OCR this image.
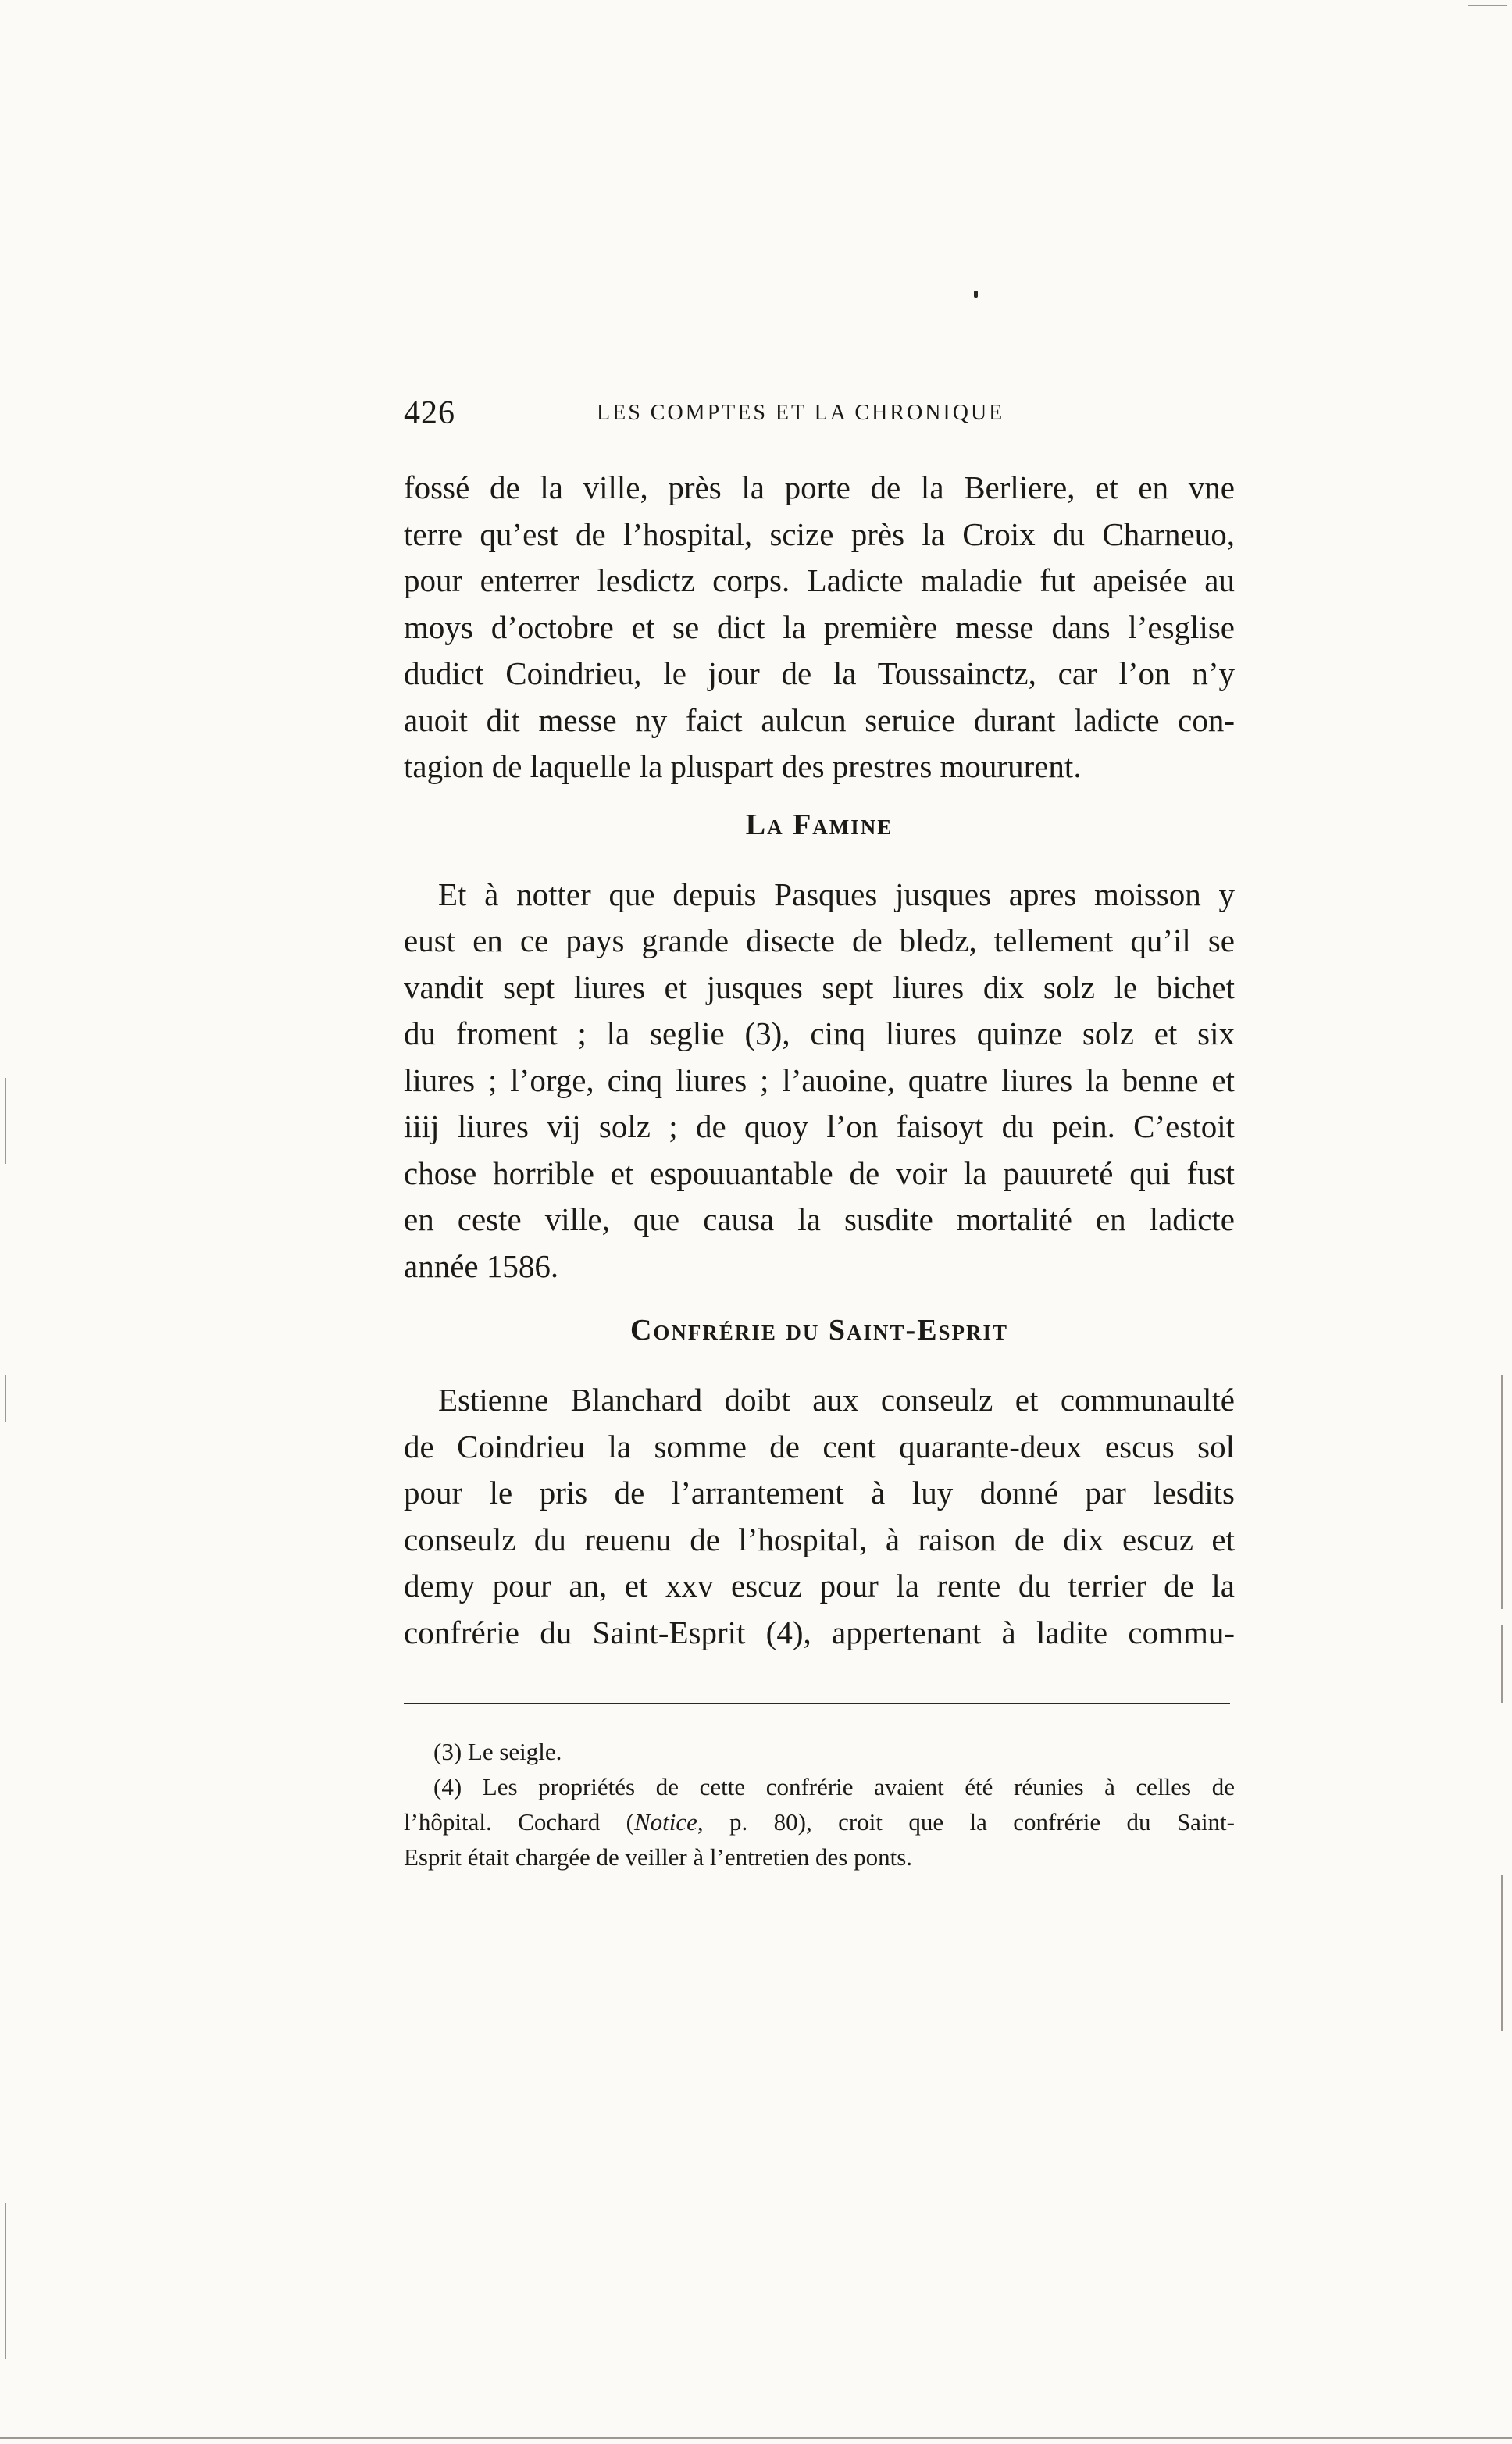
426	LES COMPTES ET LA CHRONIQUE

fossé de la ville, près la porte de la Berliere, et en vne
terre qu’est de l’hospital, scize près la Croix du Charneuo,
pour enterrer lesdictz corps. Ladicte maladie fut apeisée au
moys d’octobre et se dict la première messe dans l’esglise
dudict Coindrieu, le jour de la Toussainctz, car l’on n’y
auoit dit messe ny faict aulcun seruice durant ladicte con-
tagion de laquelle la pluspart des prestres moururent.

La Famine

Et à notter que depuis Pasques jusques apres moisson y
eust en ce pays grande disecte de bledz, tellement qu’il se
vandit sept liures et jusques sept liures dix solz le bichet
du froment ; la seglie (3), cinq liures quinze solz et six
liures ; l’orge, cinq liures ; l’auoine, quatre liures la benne et
iiij liures vij solz ; de quoy l’on faisoyt du pein. C’estoit
chose horrible et espouuantable de voir la pauureté qui fust
en ceste ville, que causa la susdite mortalité en ladicte
année 1586.

Confrérie du Saint-Esprit

Estienne Blanchard doibt aux conseulz et communaulté
de Coindrieu la somme de cent quarante-deux escus sol
pour le pris de l’arrantement à luy donné par lesdits
conseulz du reuenu de l’hospital, à raison de dix escuz et
demy pour an, et xxv escuz pour la rente du terrier de la
confrérie du Saint-Esprit (4), appertenant à ladite commu-

(3) Le seigle.

(4) Les propriétés de cette confrérie avaient été réunies à celles de
l’hôpital. Cochard (Notice, p. 80), croit que la confrérie du Saint-
Esprit était chargée de veiller à l’entretien des ponts.
